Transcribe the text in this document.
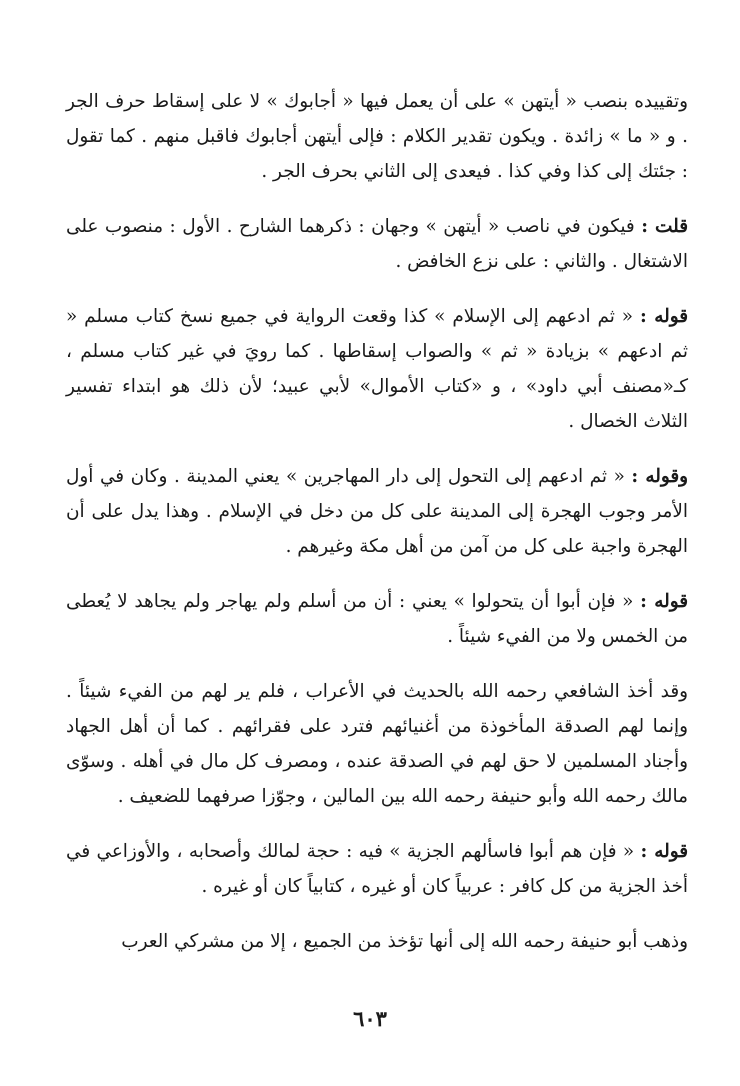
وتقييده بنصب « أيتهن » على أن يعمل فيها « أجابوك » لا على إسقاط حرف الجر . و « ما » زائدة . ويكون تقدير الكلام : فإلى أيتهن أجابوك فاقبل منهم . كما تقول : جئتك إلى كذا وفي كذا . فيعدى إلى الثاني بحرف الجر .

قلت : فيكون في ناصب « أيتهن » وجهان : ذكرهما الشارح . الأول : منصوب على الاشتغال . والثاني : على نزع الخافض .

قوله : « ثم ادعهم إلى الإسلام » كذا وقعت الرواية في جميع نسخ كتاب مسلم « ثم ادعهم » بزيادة « ثم » والصواب إسقاطها . كما رويَ في غير كتاب مسلم ، كـ«مصنف أبي داود» ، و «كتاب الأموال» لأبي عبيد؛ لأن ذلك هو ابتداء تفسير الثلاث الخصال .

وقوله : « ثم ادعهم إلى التحول إلى دار المهاجرين » يعني المدينة . وكان في أول الأمر وجوب الهجرة إلى المدينة على كل من دخل في الإسلام . وهذا يدل على أن الهجرة واجبة على كل من آمن من أهل مكة وغيرهم .

قوله : « فإن أبوا أن يتحولوا » يعني : أن من أسلم ولم يهاجر ولم يجاهد لا يُعطى من الخمس ولا من الفيء شيئاً .

وقد أخذ الشافعي رحمه الله بالحديث في الأعراب ، فلم ير لهم من الفيء شيئاً . وإنما لهم الصدقة المأخوذة من أغنيائهم فترد على فقرائهم . كما أن أهل الجهاد وأجناد المسلمين لا حق لهم في الصدقة عنده ، ومصرف كل مال في أهله . وسوّى مالك رحمه الله وأبو حنيفة رحمه الله بين المالين ، وجوّزا صرفهما للضعيف .

قوله : « فإن هم أبوا فاسألهم الجزية » فيه : حجة لمالك وأصحابه ، والأوزاعي في أخذ الجزية من كل كافر : عربياً كان أو غيره ، كتابياً كان أو غيره .

وذهب أبو حنيفة رحمه الله إلى أنها تؤخذ من الجميع ، إلا من مشركي العرب

٦٠٣
